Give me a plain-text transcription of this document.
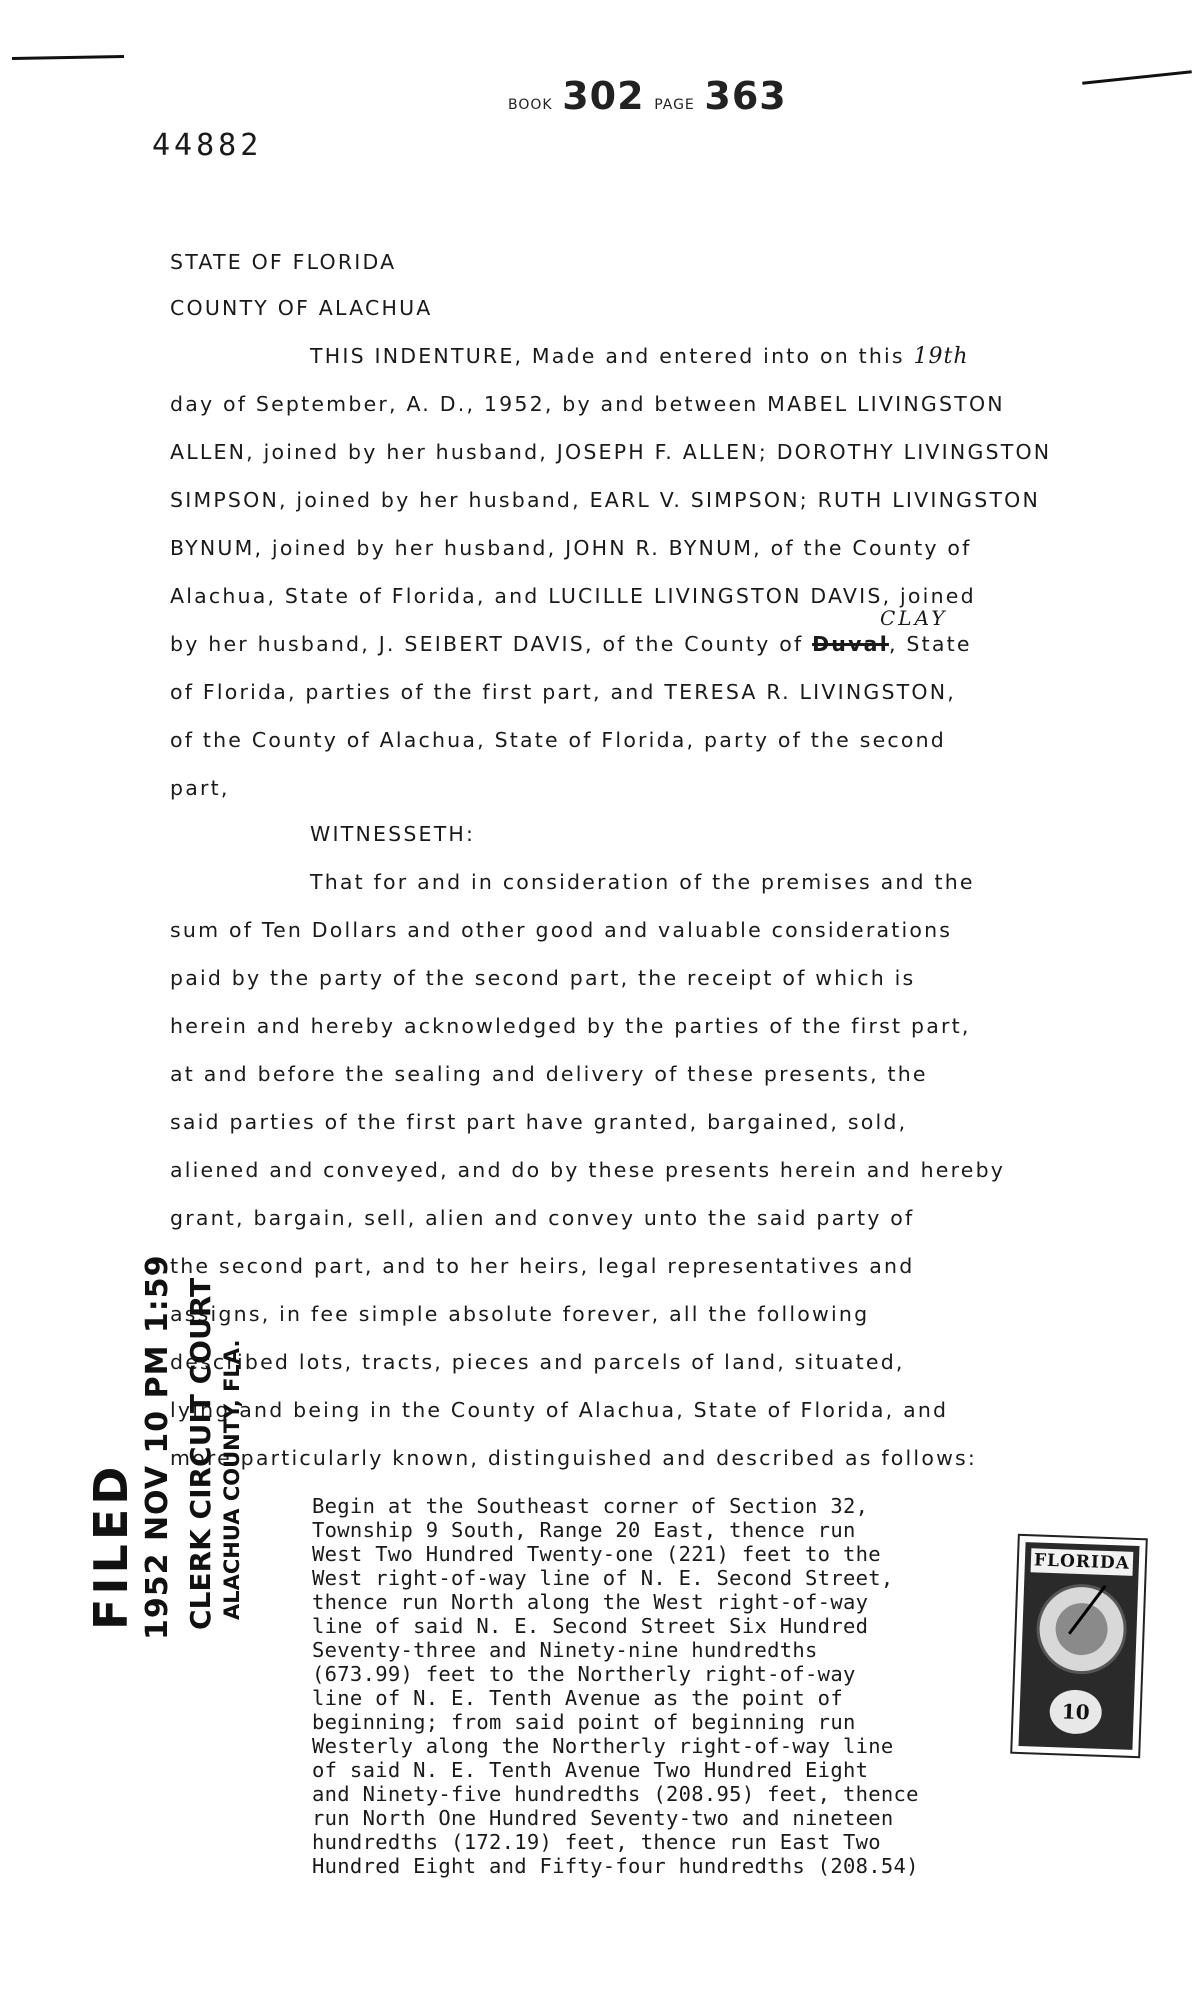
BOOK 302 PAGE 363
44882
STATE OF FLORIDA
COUNTY OF ALACHUA
THIS INDENTURE, Made and entered into on this 19th
day of September, A. D., 1952, by and between MABEL LIVINGSTON
ALLEN, joined by her husband, JOSEPH F. ALLEN; DOROTHY LIVINGSTON
SIMPSON, joined by her husband, EARL V. SIMPSON; RUTH LIVINGSTON
BYNUM, joined by her husband, JOHN R. BYNUM, of the County of
Alachua, State of Florida, and LUCILLE LIVINGSTON DAVIS, joined
by her husband, J. SEIBERT DAVIS, of the County of Duval, State
CLAY
of Florida, parties of the first part, and TERESA R. LIVINGSTON,
of the County of Alachua, State of Florida, party of the second
part,
WITNESSETH:
That for and in consideration of the premises and the
sum of Ten Dollars and other good and valuable considerations
paid by the party of the second part, the receipt of which is
herein and hereby acknowledged by the parties of the first part,
at and before the sealing and delivery of these presents, the
said parties of the first part have granted, bargained, sold,
aliened and conveyed, and do by these presents herein and hereby
grant, bargain, sell, alien and convey unto the said party of
the second part, and to her heirs, legal representatives and
assigns, in fee simple absolute forever, all the following
described lots, tracts, pieces and parcels of land, situated,
lying and being in the County of Alachua, State of Florida, and
more particularly known, distinguished and described as follows:
Begin at the Southeast corner of Section 32,
Township 9 South, Range 20 East, thence run
West Two Hundred Twenty-one (221) feet to the
West right-of-way line of N. E. Second Street,
thence run North along the West right-of-way
line of said N. E. Second Street Six Hundred
Seventy-three and Ninety-nine hundredths
(673.99) feet to the Northerly right-of-way
line of N. E. Tenth Avenue as the point of
beginning; from said point of beginning run
Westerly along the Northerly right-of-way line
of said N. E. Tenth Avenue Two Hundred Eight
and Ninety-five hundredths (208.95) feet, thence
run North One Hundred Seventy-two and nineteen
hundredths (172.19) feet, thence run East Two
Hundred Eight and Fifty-four hundredths (208.54)
FILED 1952 NOV 10 PM 1:59 CLERK CIRCUIT COURT ALACHUA COUNTY, FLA.	FLORIDA
10
